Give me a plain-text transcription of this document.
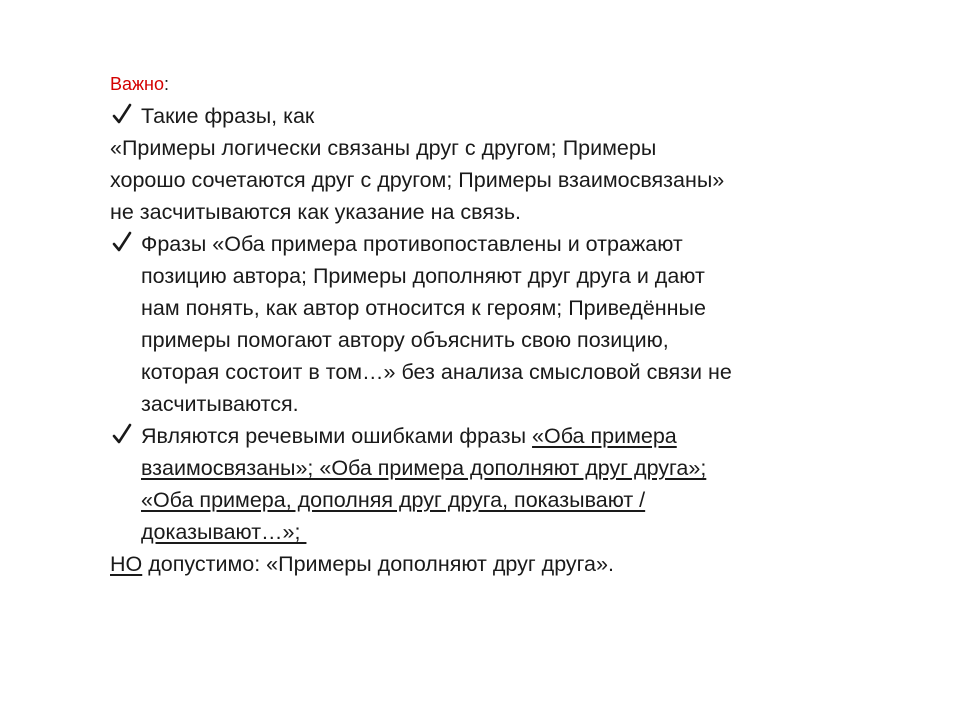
Важно:
Такие фразы, как
«Примеры логически связаны друг с другом; Примеры
хорошо сочетаются друг с другом; Примеры взаимосвязаны»
не засчитываются как указание на связь.
Фразы «Оба примера противопоставлены и отражают
позицию автора; Примеры дополняют друг друга и дают
нам понять, как автор относится к героям; Приведённые
примеры помогают автору объяснить свою позицию,
которая состоит в том…» без анализа смысловой связи не
засчитываются.
Являются речевыми ошибками фразы «Оба примера
взаимосвязаны»; «Оба примера дополняют друг друга»;
«Оба примера, дополняя друг друга, показывают /
доказывают…»;
НО допустимо: «Примеры дополняют друг друга».
